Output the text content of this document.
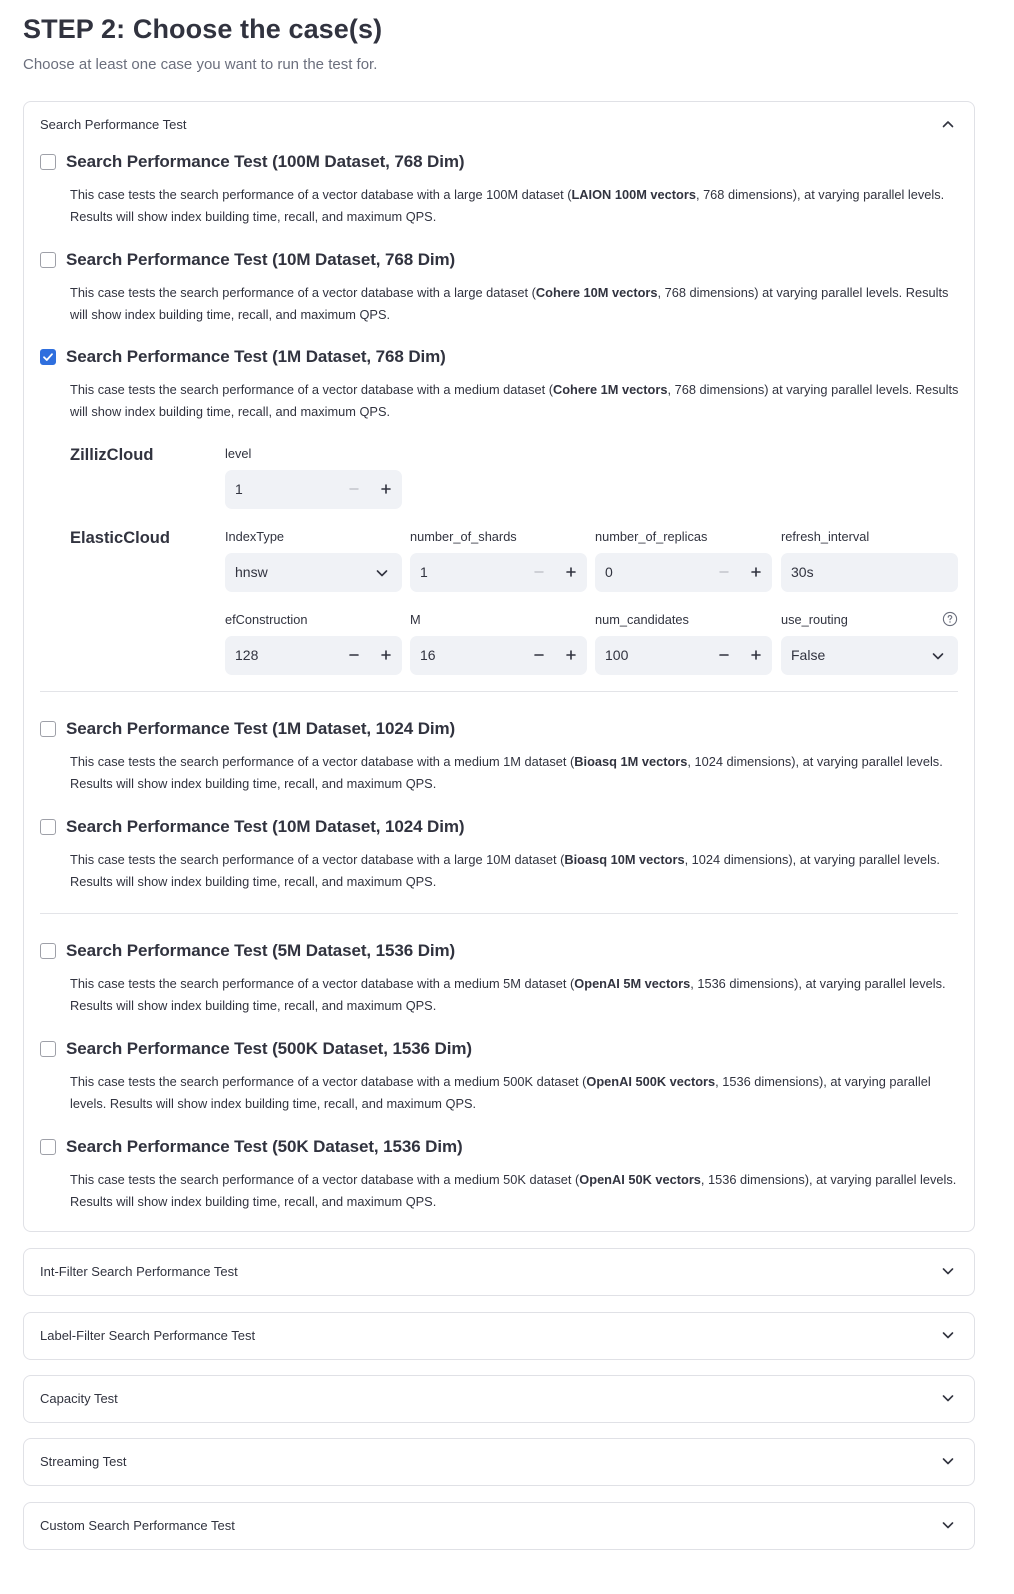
STEP 2: Choose the case(s)
Choose at least one case you want to run the test for.
Search Performance Test
Search Performance Test (100M Dataset, 768 Dim)
This case tests the search performance of a vector database with a large 100M dataset (LAION 100M vectors, 768 dimensions), at varying parallel levels. Results will show index building time, recall, and maximum QPS.
Search Performance Test (10M Dataset, 768 Dim)
This case tests the search performance of a vector database with a large dataset (Cohere 10M vectors, 768 dimensions) at varying parallel levels. Results will show index building time, recall, and maximum QPS.
Search Performance Test (1M Dataset, 768 Dim)
This case tests the search performance of a vector database with a medium dataset (Cohere 1M vectors, 768 dimensions) at varying parallel levels. Results will show index building time, recall, and maximum QPS.
ZillizCloud	level
1
ElasticCloud	IndexType
hnsw
number_of_shards
1
number_of_replicas
0
refresh_interval
30s
efConstruction
128
M
16
num_candidates
100
use_routing
False
Search Performance Test (1M Dataset, 1024 Dim)
This case tests the search performance of a vector database with a medium 1M dataset (Bioasq 1M vectors, 1024 dimensions), at varying parallel levels. Results will show index building time, recall, and maximum QPS.
Search Performance Test (10M Dataset, 1024 Dim)
This case tests the search performance of a vector database with a large 10M dataset (Bioasq 10M vectors, 1024 dimensions), at varying parallel levels. Results will show index building time, recall, and maximum QPS.
Search Performance Test (5M Dataset, 1536 Dim)
This case tests the search performance of a vector database with a medium 5M dataset (OpenAI 5M vectors, 1536 dimensions), at varying parallel levels. Results will show index building time, recall, and maximum QPS.
Search Performance Test (500K Dataset, 1536 Dim)
This case tests the search performance of a vector database with a medium 500K dataset (OpenAI 500K vectors, 1536 dimensions), at varying parallel levels. Results will show index building time, recall, and maximum QPS.
Search Performance Test (50K Dataset, 1536 Dim)
This case tests the search performance of a vector database with a medium 50K dataset (OpenAI 50K vectors, 1536 dimensions), at varying parallel levels. Results will show index building time, recall, and maximum QPS.
Int-Filter Search Performance Test
Label-Filter Search Performance Test
Capacity Test
Streaming Test
Custom Search Performance Test
